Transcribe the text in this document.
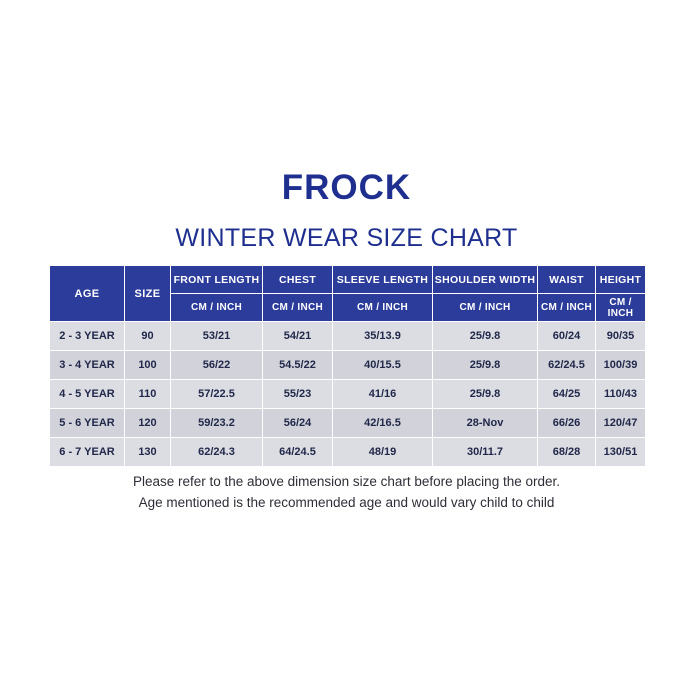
FROCK
WINTER WEAR SIZE CHART
AGE	SIZE	FRONT LENGTH	CHEST	SLEEVE LENGTH	SHOULDER WIDTH	WAIST	HEIGHT
		CM / INCH	CM / INCH	CM / INCH	CM / INCH	CM / INCH	CM / INCH
2 - 3 YEAR	90	53/21	54/21	35/13.9	25/9.8	60/24	90/35
3 - 4 YEAR	100	56/22	54.5/22	40/15.5	25/9.8	62/24.5	100/39
4 - 5 YEAR	110	57/22.5	55/23	41/16	25/9.8	64/25	110/43
5 - 6 YEAR	120	59/23.2	56/24	42/16.5	28-Nov	66/26	120/47
6 - 7 YEAR	130	62/24.3	64/24.5	48/19	30/11.7	68/28	130/51
Please refer to the above dimension size chart before placing the order.
Age mentioned is the recommended age and would vary child to child
